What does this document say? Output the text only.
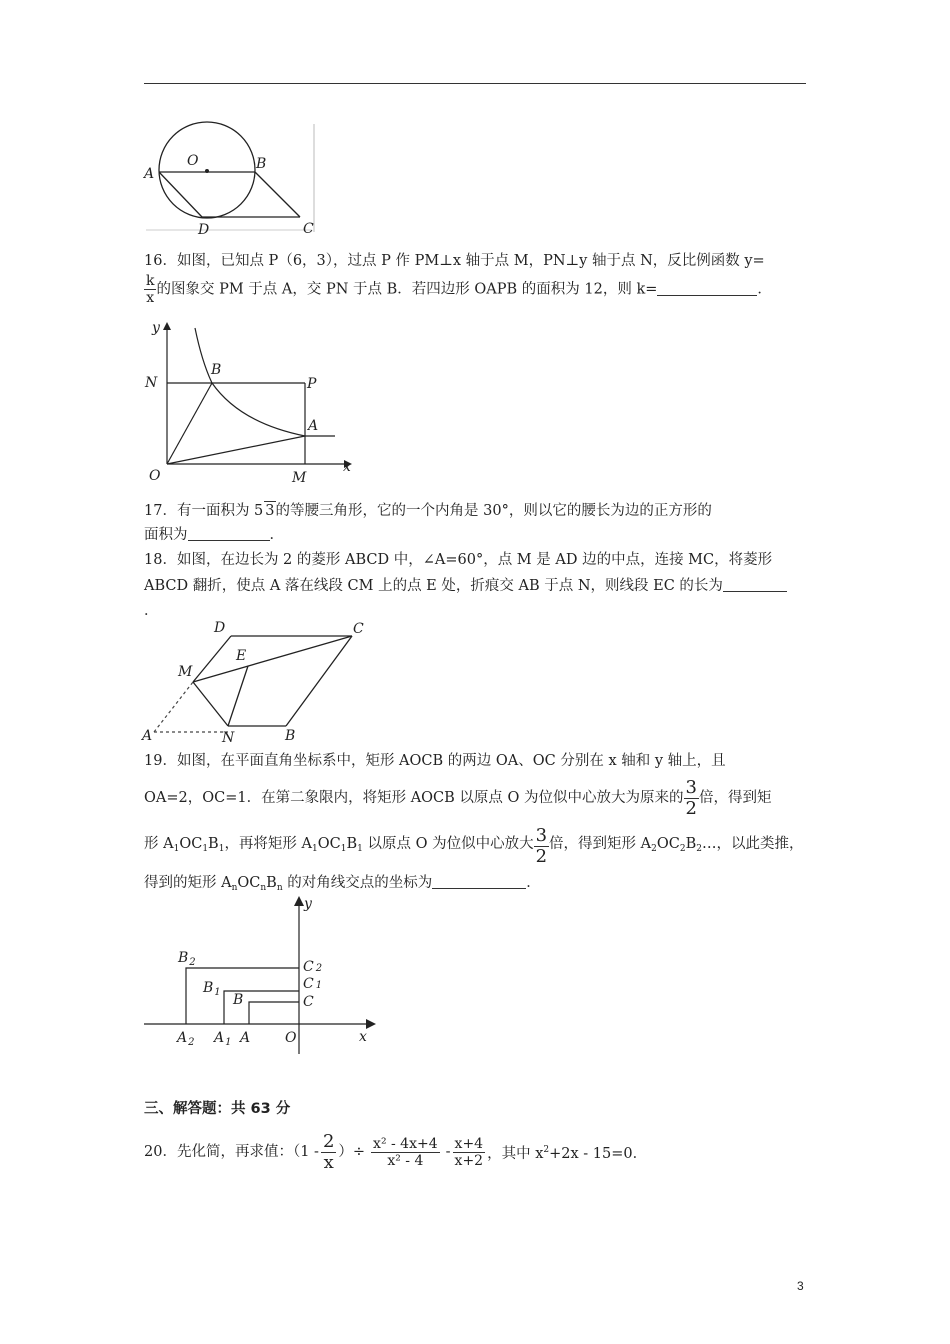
A
O	B
C
D
16．如图，已知点 P（6，3），过点 P 作 PM⊥x 轴于点 M，PN⊥y 轴于点 N，反比例函数 y=
$\frac{k}{x}$ 的图象交 PM 于点 A，交 PN 于点 B．若四边形 OAPB 的面积为 12，则 k=	．
y
N
B
P
A
O	M
x
17．有一面积为 5 3的等腰三角形，它的一个内角是 30°，则以它的腰长为边的正方形的
面积为	．
18．如图，在边长为 2 的菱形 ABCD 中，∠A=60°，点 M 是 AD 边的中点，连接 MC，将菱形
ABCD 翻折，使点 A 落在线段 CM 上的点 E 处，折痕交 AB 于点 N，则线段 EC 的长为
．
D	C
E
M
A	N	B
19．如图，在平面直角坐标系中，矩形 AOCB 的两边 OA、OC 分别在 x 轴和 y 轴上，且
OA=2，OC=1．在第二象限内，将矩形 AOCB 以原点 O 为位似中心放大为原来的 $\frac{3}{2}$ 倍，得到矩
形 $A_1OC_1B_1$，再将矩形 $A_1OC_1B_1$ 以原点 O 为位似中心放大 $\frac{3}{2}$ 倍，得到矩形 $A_2OC_2B_2\dots$，以此类推，
得到的矩形 $A_nOC_nB_n$ 的对角线交点的坐标为	．
y
x
O
$B_2$
$B_1$ B
C 2
C 1
C
$A_2$ $A_1$ A
三、解答题：共 63 分
20．先化简，再求值：（$1 - \frac{2}{x}$ ）÷ $\frac{\text{x² - 4x+4}}{\text{x² - 4}} - \frac{x+4}{x+2}$ ，其中 $x^2+2x - 15=0$．
3
